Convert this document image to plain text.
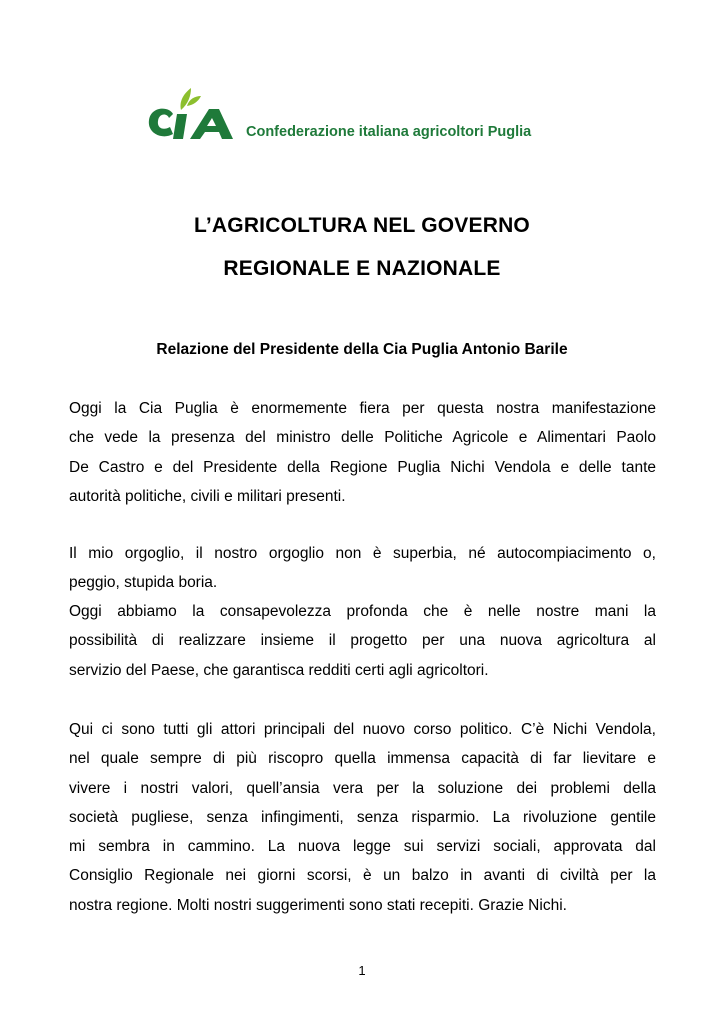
Confederazione italiana agricoltori Puglia
L’AGRICOLTURA NEL GOVERNO
REGIONALE E NAZIONALE
Relazione del Presidente della Cia Puglia Antonio Barile

Oggi la Cia Puglia è enormemente fiera per questa nostra manifestazione
che vede la presenza del ministro delle Politiche Agricole e Alimentari Paolo
De Castro e del Presidente della Regione Puglia Nichi Vendola e delle tante
autorità politiche, civili e militari presenti.

Il mio orgoglio, il nostro orgoglio non è superbia, né autocompiacimento o,
peggio, stupida boria.

Oggi abbiamo la consapevolezza profonda che è nelle nostre mani la
possibilità di realizzare insieme il progetto per una nuova agricoltura al
servizio del Paese, che garantisca redditi certi agli agricoltori.

Qui ci sono tutti gli attori principali del nuovo corso politico. C’è Nichi Vendola,
nel quale sempre di più riscopro quella immensa capacità di far lievitare e
vivere i nostri valori, quell’ansia vera per la soluzione dei problemi della
società pugliese, senza infingimenti, senza risparmio. La rivoluzione gentile
mi sembra in cammino. La nuova legge sui servizi sociali, approvata dal
Consiglio Regionale nei giorni scorsi, è un balzo in avanti di civiltà per la
nostra regione. Molti nostri suggerimenti sono stati recepiti. Grazie Nichi.

1
